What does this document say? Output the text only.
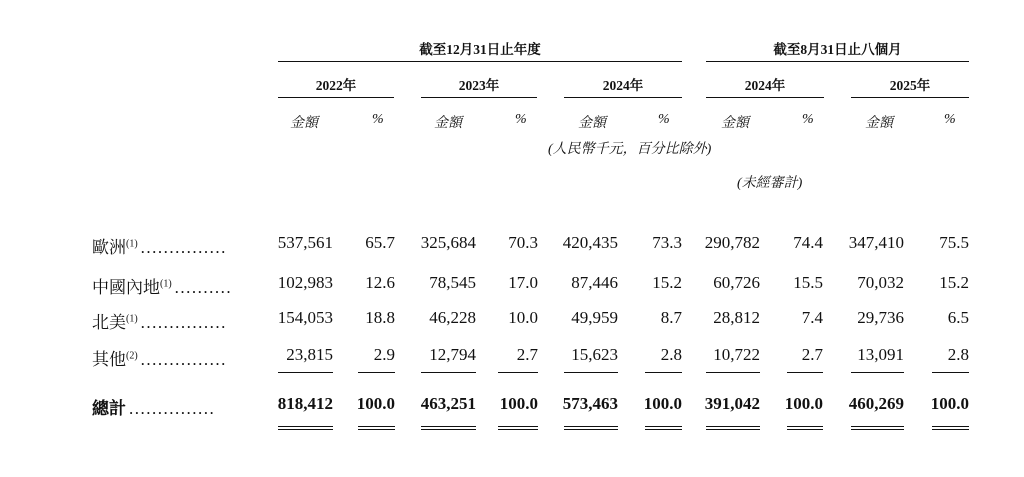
截至12月31日止年度	截至8月31日止八個月
2022年	2023年	2024年	2024年	2025年
金額	%	金額	%	金額	%	金額	%	金額	%
(人民幣千元，百分比除外)
(未經審計)
歐洲$^{(1)}$ ...............	537,561 65.7 325,684 70.3 420,435 73.3 290,782 74.4 347,410 75.5
中國內地$^{(1)}$ ..........	102,983 12.6 78,545 17.0 87,446 15.2 60,726 15.5 70,032 15.2
北美$^{(1)}$ ...............	154,053 18.8 46,228 10.0 49,959	8.7 28,812 7.4 29,736	6.5
其他$^{(2)}$ ...............	23,815 2.9 12,794 2.7 15,623	2.8 10,722 2.7 13,091	2.8
總計 ...............	818,412 100.0 463,251 100.0 573,463 100.0 391,042 100.0 460,269 100.0
